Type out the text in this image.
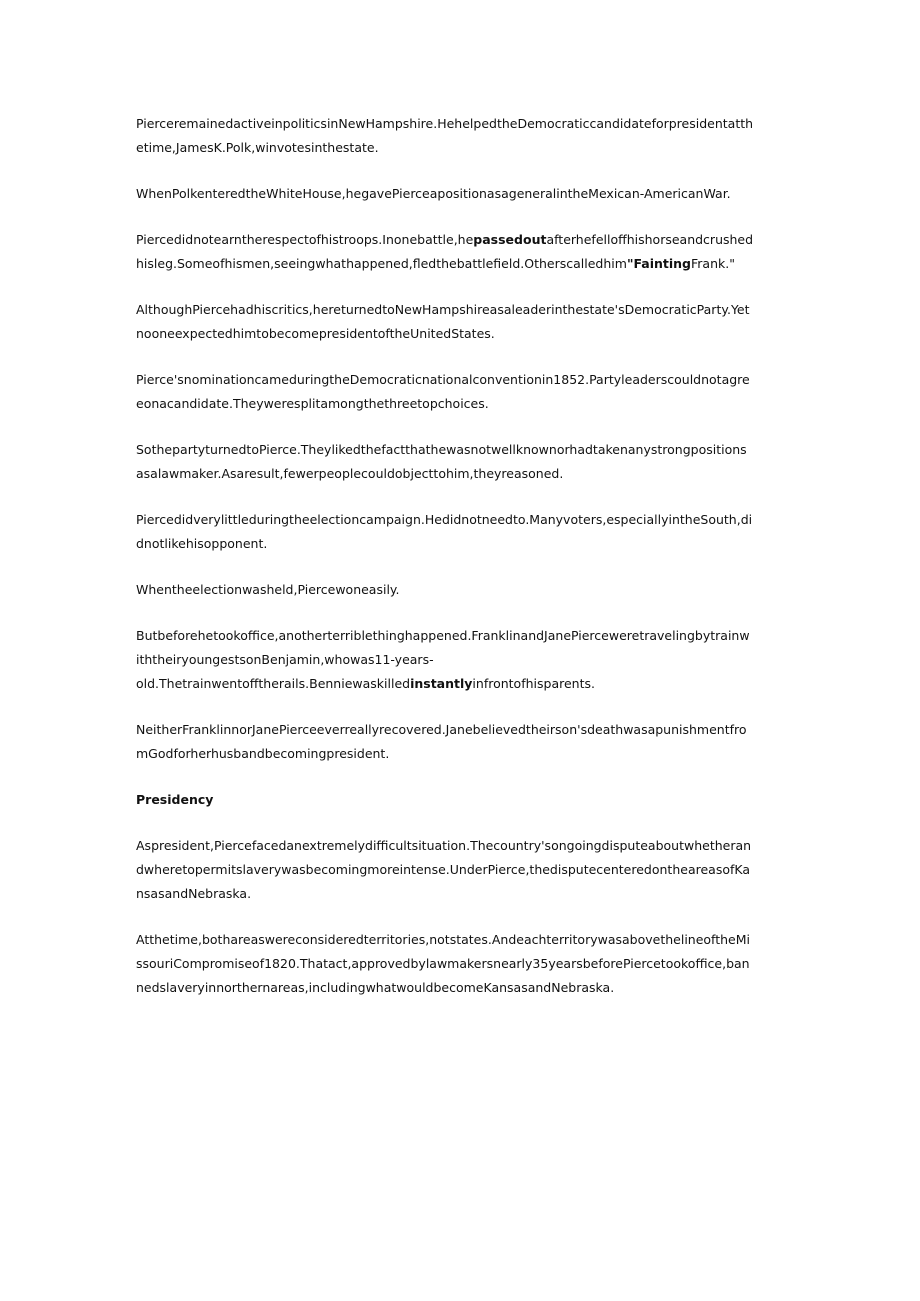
PierceremainedactiveinpoliticsinNewHampshire.HehelpedtheDemocraticcandidateforpresidentatth
etime,JamesK.Polk,winvotesinthestate.

WhenPolkenteredtheWhiteHouse,hegavePierceapositionasageneralintheMexican-AmericanWar.

Piercedidnotearntherespectofhistroops.Inonebattle,hepassedoutafterhefelloffhishorseandcrushed
hisleg.Someofhismen,seeingwhathappened,fledthebattlefield.Otherscalledhim"FaintingFrank."

AlthoughPiercehadhiscritics,hereturnedtoNewHampshireasaleaderinthestate'sDemocraticParty.Yet
nooneexpectedhimtobecomepresidentoftheUnitedStates.

Pierce'snominationcameduringtheDemocraticnationalconventionin1852.Partyleaderscouldnotagre
eonacandidate.Theyweresplitamongthethreetopchoices.

SothepartyturnedtoPierce.Theylikedthefactthathewasnotwellknownorhadtakenanystrongpositions
asalawmaker.Asaresult,fewerpeoplecouldobjecttohim,theyreasoned.

Piercedidverylittleduringtheelectioncampaign.Hedidnotneedto.Manyvoters,especiallyintheSouth,di
dnotlikehisopponent.

Whentheelectionwasheld,Piercewoneasily.

Butbeforehetookoffice,anotherterriblethinghappened.FranklinandJanePierceweretravelingbytrainw
iththeiryoungestsonBenjamin,whowas11-years-
old.Thetrainwentofftherails.Benniewaskilledinstantlyinfrontofhisparents.

NeitherFranklinnorJanePierceeverreallyrecovered.Janebelievedtheirson'sdeathwasapunishmentfro
mGodforherhusbandbecomingpresident.

Presidency

Aspresident,Piercefacedanextremelydifficultsituation.Thecountry'songoingdisputeaboutwhetheran
dwheretopermitslaverywasbecomingmoreintense.UnderPierce,thedisputecenteredontheareasofKa
nsasandNebraska.

Atthetime,bothareaswereconsideredterritories,notstates.AndeachterritorywasabovethelineoftheMi
ssouriCompromiseof1820.Thatact,approvedbylawmakersnearly35yearsbeforePiercetookoffice,ban
nedslaveryinnorthernareas,includingwhatwouldbecomeKansasandNebraska.
